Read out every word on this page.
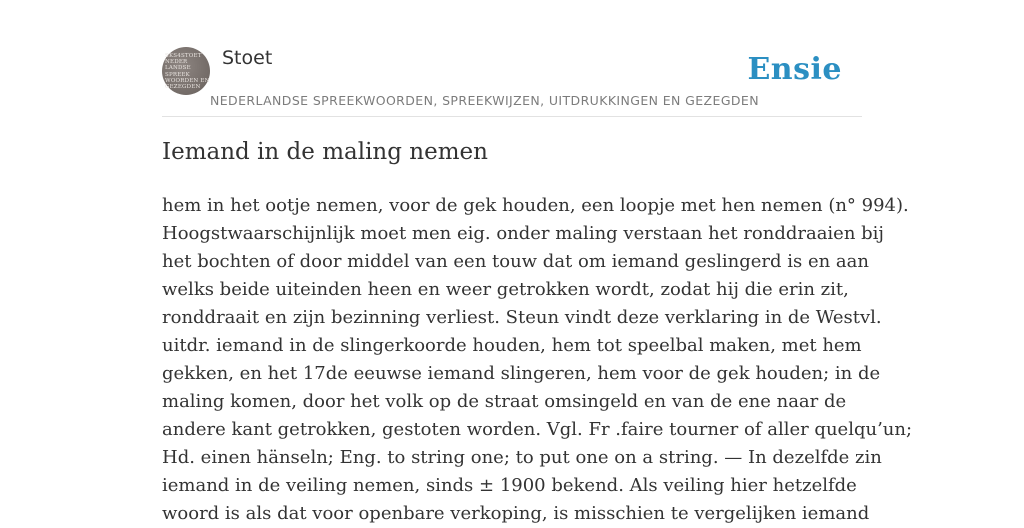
SKS4STOET
NEDER
LANDSE
SPREEK
WOORDEN EN
GEZEGDEN
Stoet
NEDERLANDSE SPREEKWOORDEN, SPREEKWIJZEN, UITDRUKKINGEN EN GEZEGDEN
Ensie
Iemand in de maling nemen
hem in het ootje nemen, voor de gek houden, een loopje met hen nemen (n° 994).
Hoogstwaarschijnlijk moet men eig. onder maling verstaan het ronddraaien bij
het bochten of door middel van een touw dat om iemand geslingerd is en aan
welks beide uiteinden heen en weer getrokken wordt, zodat hij die erin zit,
ronddraait en zijn bezinning verliest. Steun vindt deze verklaring in de Westvl.
uitdr. iemand in de slingerkoorde houden, hem tot speelbal maken, met hem
gekken, en het 17de eeuwse iemand slingeren, hem voor de gek houden; in de
maling komen, door het volk op de straat omsingeld en van de ene naar de
andere kant getrokken, gestoten worden. Vgl. Fr .faire tourner of aller quelqu’un;
Hd. einen hänseln; Eng. to string one; to put one on a string. — In dezelfde zin
iemand in de veiling nemen, sinds ± 1900 bekend. Als veiling hier hetzelfde
woord is als dat voor openbare verkoping, is misschien te vergelijken iemand
